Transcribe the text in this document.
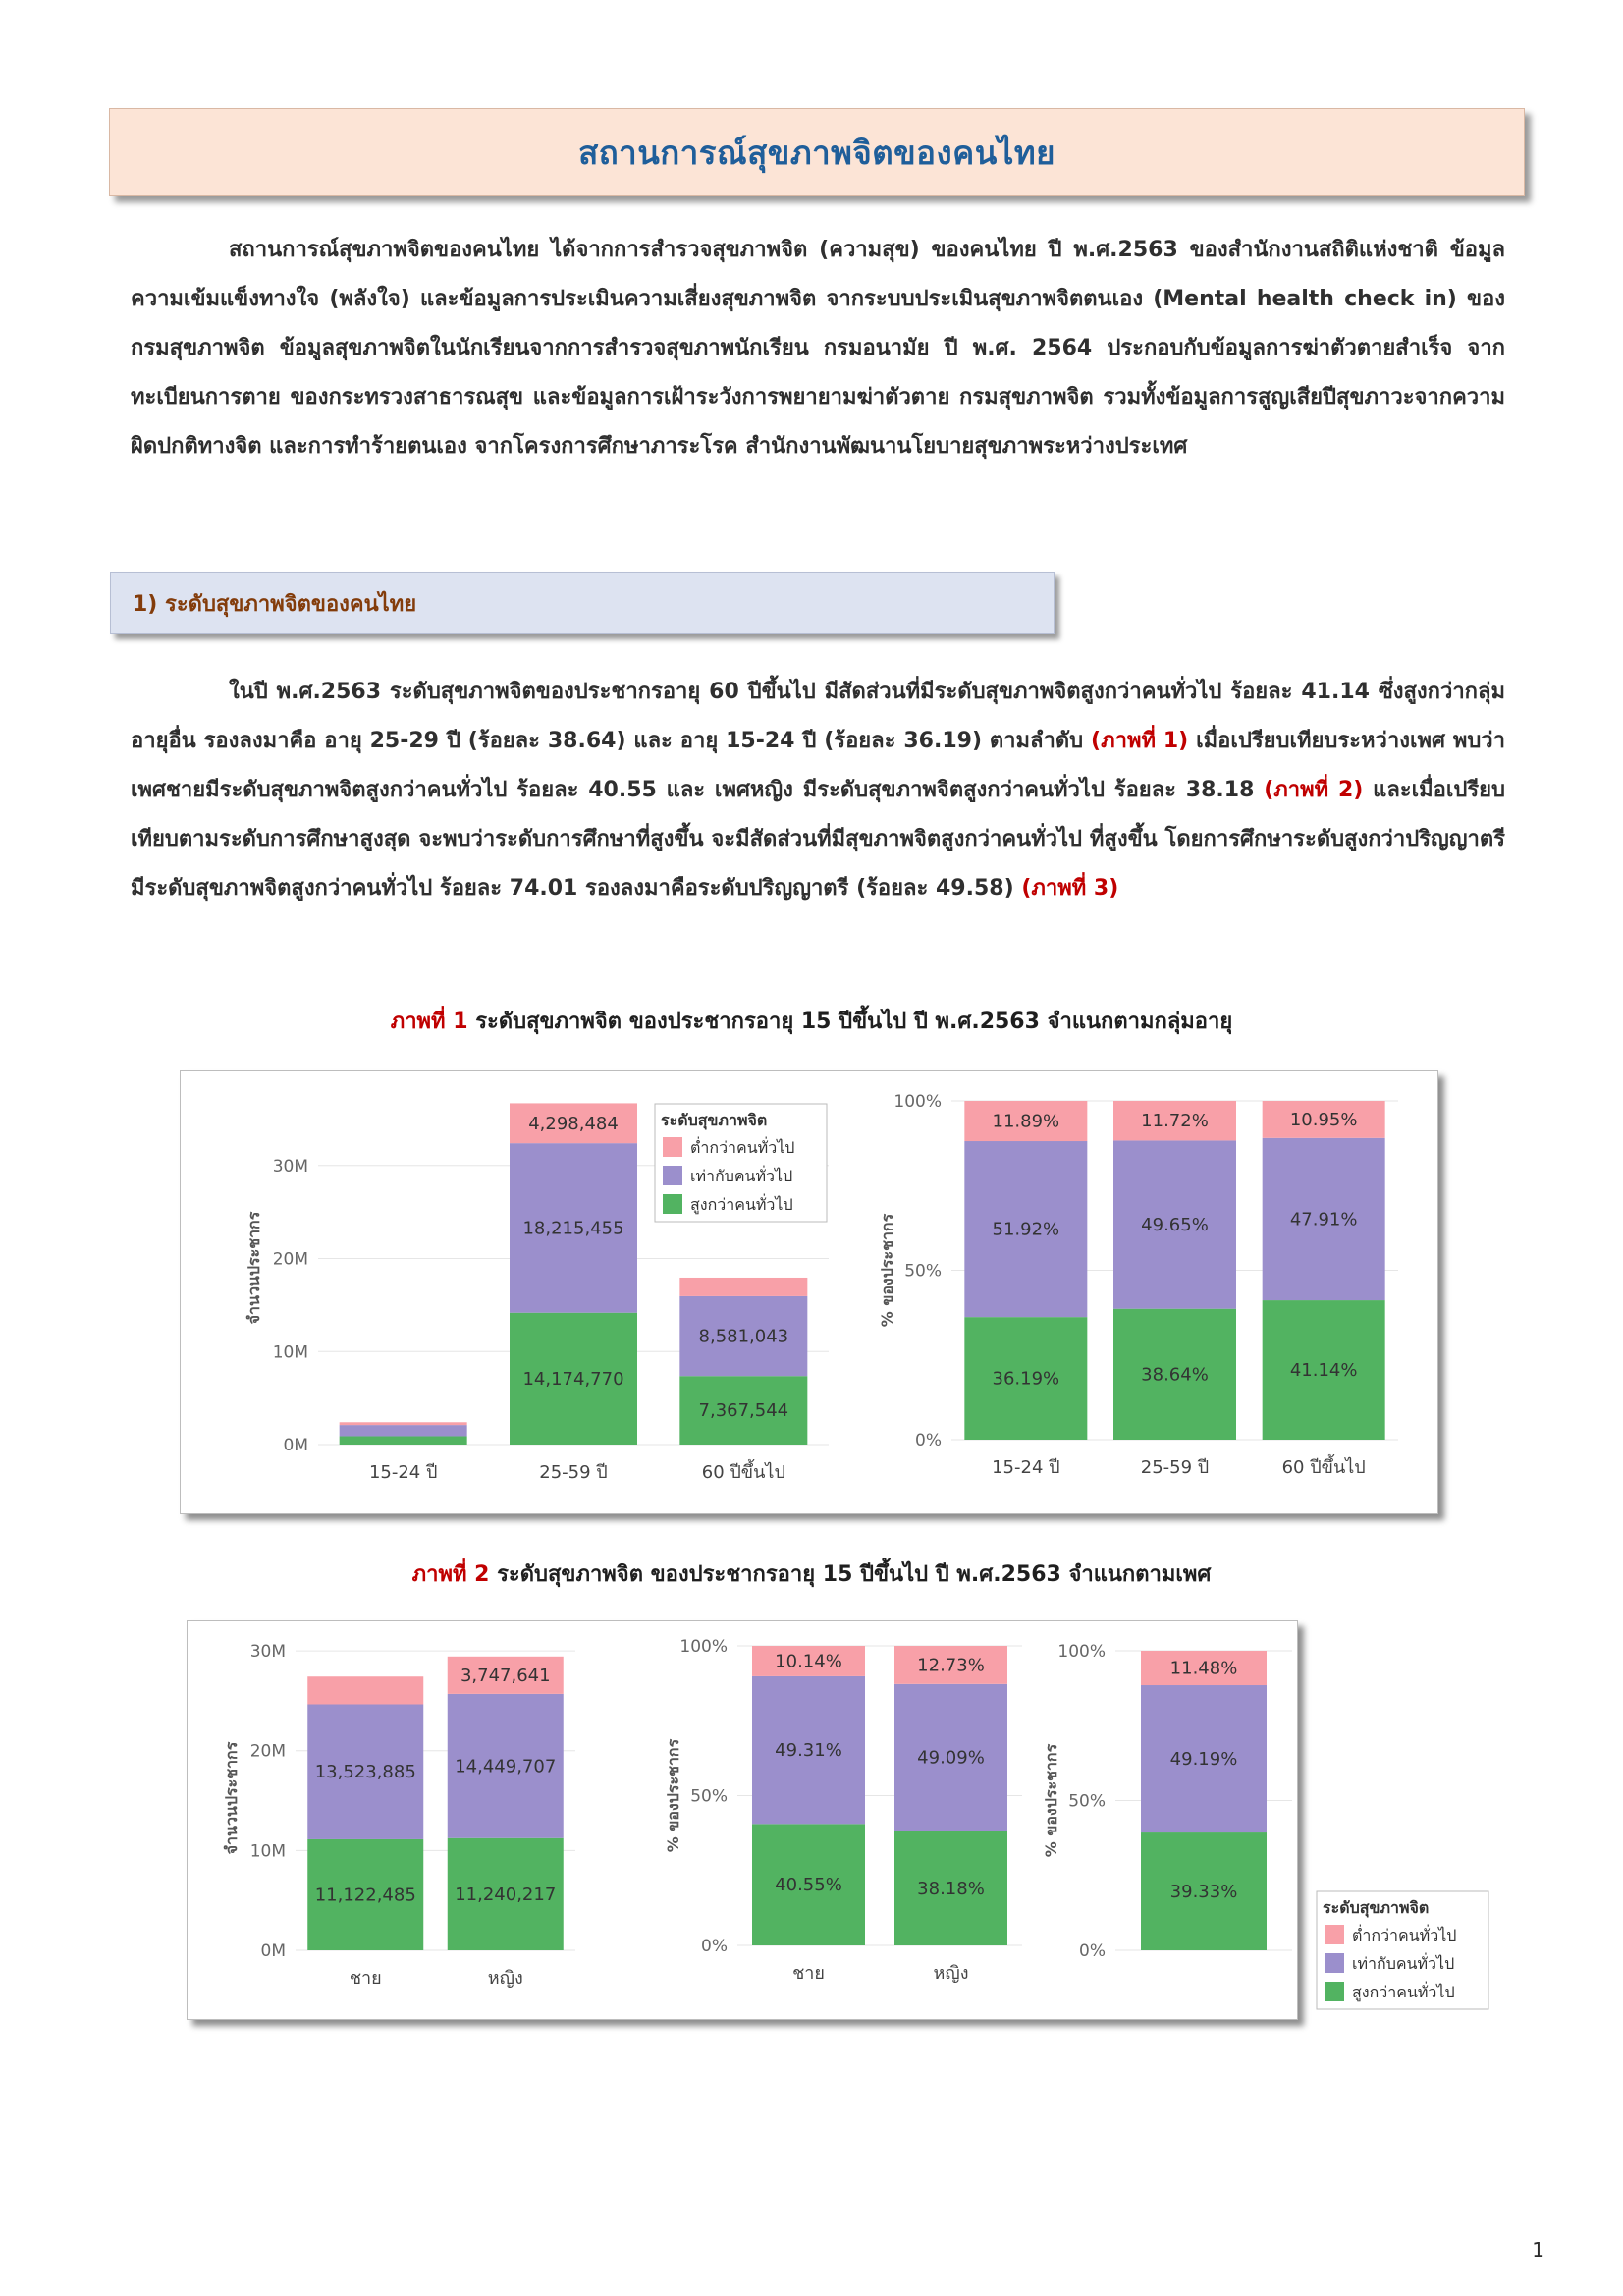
สถานการณ์สุขภาพจิตของคนไทย

สถานการณ์สุขภาพจิตของคนไทย ได้จากการสำรวจสุขภาพจิต (ความสุข) ของคนไทย ปี พ.ศ.2563 ของสำนักงานสถิติแห่งชาติ ข้อมูลความเข้มแข็งทางใจ (พลังใจ) และข้อมูลการประเมินความเสี่ยงสุขภาพจิต จากระบบประเมินสุขภาพจิตตนเอง (Mental health check in) ของกรมสุขภาพจิต ข้อมูลสุขภาพจิตในนักเรียนจากการสำรวจสุขภาพนักเรียน กรมอนามัย ปี พ.ศ. 2564 ประกอบกับข้อมูลการฆ่าตัวตายสำเร็จ จากทะเบียนการตาย ของกระทรวงสาธารณสุข และข้อมูลการเฝ้าระวังการพยายามฆ่าตัวตาย กรมสุขภาพจิต รวมทั้งข้อมูลการสูญเสียปีสุขภาวะจากความผิดปกติทางจิต และการทำร้ายตนเอง จากโครงการศึกษาภาระโรค สำนักงานพัฒนานโยบายสุขภาพระหว่างประเทศ

1) ระดับสุขภาพจิตของคนไทย

ในปี พ.ศ.2563 ระดับสุขภาพจิตของประชากรอายุ 60 ปีขึ้นไป มีสัดส่วนที่มีระดับสุขภาพจิตสูงกว่าคนทั่วไป ร้อยละ 41.14 ซึ่งสูงกว่ากลุ่มอายุอื่น รองลงมาคือ อายุ 25-29 ปี (ร้อยละ 38.64) และ อายุ 15-24 ปี (ร้อยละ 36.19) ตามลำดับ (ภาพที่ 1) เมื่อเปรียบเทียบระหว่างเพศ พบว่า เพศชายมีระดับสุขภาพจิตสูงกว่าคนทั่วไป ร้อยละ 40.55 และ เพศหญิง มีระดับสุขภาพจิตสูงกว่าคนทั่วไป ร้อยละ 38.18 (ภาพที่ 2) และเมื่อเปรียบเทียบตามระดับการศึกษาสูงสุด จะพบว่าระดับการศึกษาที่สูงขึ้น จะมีสัดส่วนที่มีสุขภาพจิตสูงกว่าคนทั่วไป ที่สูงขึ้น โดยการศึกษาระดับสูงกว่าปริญญาตรีมีระดับสุขภาพจิตสูงกว่าคนทั่วไป ร้อยละ 74.01 รองลงมาคือระดับปริญญาตรี (ร้อยละ 49.58) (ภาพที่ 3)

ภาพที่ 1 ระดับสุขภาพจิต ของประชากรอายุ 15 ปีขึ้นไป ปี พ.ศ.2563 จำแนกตามกลุ่มอายุ
0M
10M
20M
30M
จำนวนประชากร
15-24 ปี
14,174,770
18,215,455
4,298,484
25-59 ปี
7,367,544
8,581,043
60 ปีขึ้นไป
0%
50%
100%
% ของประชากร
36.19%
51.92%
11.89%
15-24 ปี
38.64%
49.65%
11.72%
25-59 ปี
41.14%
47.91%
10.95%
60 ปีขึ้นไป
ระดับสุขภาพจิต
ต่ำกว่าคนทั่วไป
เท่ากับคนทั่วไป
สูงกว่าคนทั่วไป
ภาพที่ 2 ระดับสุขภาพจิต ของประชากรอายุ 15 ปีขึ้นไป ปี พ.ศ.2563 จำแนกตามเพศ
0M
10M
20M
30M
จำนวนประชากร
11,122,485
13,523,885
ชาย
11,240,217
14,449,707
3,747,641
หญิง
0%
50%
100%
% ของประชากร
40.55%
49.31%
10.14%
ชาย
38.18%
49.09%
12.73%
หญิง
0%
50%
100%
% ของประชากร
39.33%
49.19%
11.48%
ระดับสุขภาพจิต
ต่ำกว่าคนทั่วไป
เท่ากับคนทั่วไป
สูงกว่าคนทั่วไป
1
